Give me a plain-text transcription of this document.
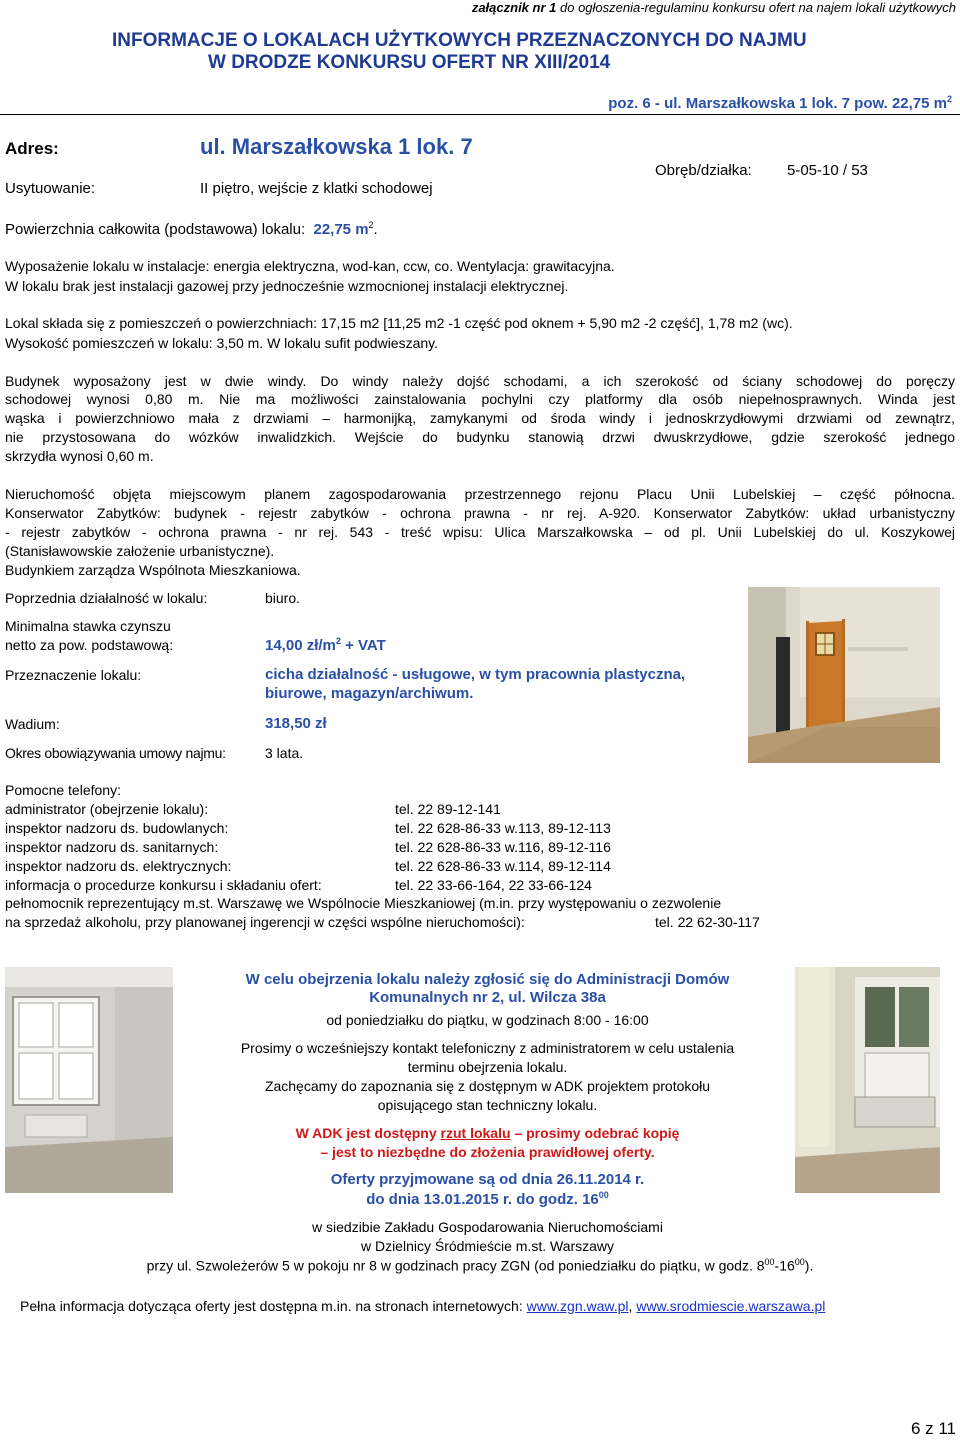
załącznik nr 1 do ogłoszenia-regulaminu konkursu ofert na najem lokali użytkowych
INFORMACJE O LOKALACH UŻYTKOWYCH PRZEZNACZONYCH DO NAJMU
W DRODZE KONKURSU OFERT NR XIII/2014
poz. 6 - ul. Marszałkowska 1 lok. 7 pow. 22,75 $m^2$
Adres:	ul. Marszałkowska 1 lok. 7
Usytuowanie:	II piętro, wejście z klatki schodowej
Obręb/działka: 5-05-10 / 53
Powierzchnia całkowita (podstawowa) lokalu: 22,75 $m^2$.
Wyposażenie lokalu w instalacje: energia elektryczna, wod-kan, ccw, co. Wentylacja: grawitacyjna.
W lokalu brak jest instalacji gazowej przy jednocześnie wzmocnionej instalacji elektrycznej.
Lokal składa się z pomieszczeń o powierzchniach: 17,15 m2 [11,25 m2 -1 część pod oknem + 5,90 m2 -2 część], 1,78 m2 (wc).
Wysokość pomieszczeń w lokalu: 3,50 m. W lokalu sufit podwieszany.
Budynek wyposażony jest w dwie windy. Do windy należy dojść schodami, a ich szerokość od ściany schodowej do poręczy
schodowej wynosi 0,80 m. Nie ma możliwości zainstalowania pochylni czy platformy dla osób niepełnosprawnych. Winda jest
wąska i powierzchniowo mała z drzwiami – harmonijką, zamykanymi od środa windy i jednoskrzydłowymi drzwiami od zewnątrz,
nie przystosowana do wózków inwalidzkich. Wejście do budynku stanowią drzwi dwuskrzydłowe, gdzie szerokość jednego
skrzydła wynosi 0,60 m.
Nieruchomość objęta miejscowym planem zagospodarowania przestrzennego rejonu Placu Unii Lubelskiej – część północna.
Konserwator Zabytków: budynek - rejestr zabytków - ochrona prawna - nr rej. A-920. Konserwator Zabytków: układ urbanistyczny
- rejestr zabytków - ochrona prawna - nr rej. 543 - treść wpisu: Ulica Marszałkowska – od pl. Unii Lubelskiej do ul. Koszykowej
(Stanisławowskie założenie urbanistyczne).
Budynkiem zarządza Wspólnota Mieszkaniowa.
Poprzednia działalność w lokalu:	biuro.
Minimalna stawka czynszu
netto za pow. podstawową:	14,00 $zł/m^2$ + VAT
Przeznaczenie lokalu:	cicha działalność - usługowe, w tym pracownia plastyczna,
biurowe, magazyn/archiwum.
Wadium:	318,50 zł
Okres obowiązywania umowy najmu:	3 lata.
Pomocne telefony:
administrator (obejrzenie lokalu):	tel. 22 89-12-141
inspektor nadzoru ds. budowlanych:	tel. 22 628-86-33 w.113, 89-12-113
inspektor nadzoru ds. sanitarnych:	tel. 22 628-86-33 w.116, 89-12-116
inspektor nadzoru ds. elektrycznych:	tel. 22 628-86-33 w.114, 89-12-114
informacja o procedurze konkursu i składaniu ofert:	tel. 22 33-66-164, 22 33-66-124
pełnomocnik reprezentujący m.st. Warszawę we Wspólnocie Mieszkaniowej (m.in. przy występowaniu o zezwolenie
na sprzedaż alkoholu, przy planowanej ingerencji w części wspólne nieruchomości):	tel. 22 62-30-117
W celu obejrzenia lokalu należy zgłosić się do Administracji Domów
Komunalnych nr 2, ul. Wilcza 38a
od poniedziałku do piątku, w godzinach 8:00 - 16:00
Prosimy o wcześniejszy kontakt telefoniczny z administratorem w celu ustalenia
terminu obejrzenia lokalu.
Zachęcamy do zapoznania się z dostępnym w ADK projektem protokołu
opisującego stan techniczny lokalu.
W ADK jest dostępny rzut lokalu – prosimy odebrać kopię
– jest to niezbędne do złożenia prawidłowej oferty.
Oferty przyjmowane są od dnia 26.11.2014 r.
do dnia 13.01.2015 r. do godz. $16^{00}$
w siedzibie Zakładu Gospodarowania Nieruchomościami
w Dzielnicy Śródmieście m.st. Warszawy
przy ul. Szwoleżerów 5 w pokoju nr 8 w godzinach pracy ZGN (od poniedziałku do piątku, w godz. $8^{00}-16^{00}$).
Pełna informacja dotycząca oferty jest dostępna m.in. na stronach internetowych: www.zgn.waw.pl, www.srodmiescie.warszawa.pl
6 z 11
